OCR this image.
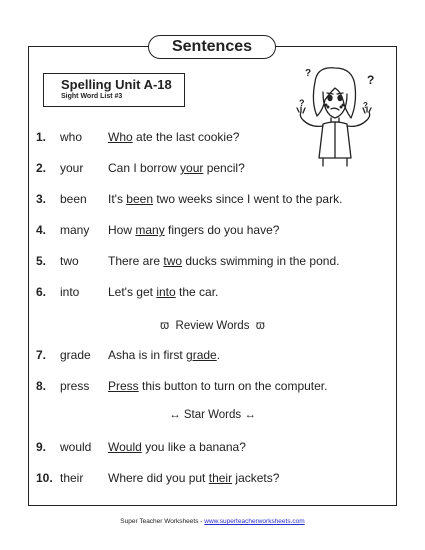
Sentences
Spelling Unit A-18
Sight Word List #3
?	?
?	?
1. who Who ate the last cookie?
2. your Can I borrow your pencil?
3. been It's been two weeks since I went to the park.
4. many How many fingers do you have?
5. two There are two ducks swimming in the pond.
6. into Let's get into the car.
7. grade Asha is in first grade.
8. press Press this button to turn on the computer.
9. would Would you like a banana?
10. their Where did you put their jackets?
ϖ Review Words ϖ
↔ Star Words ↔
Super Teacher Worksheets - www.superteacherworksheets.com
